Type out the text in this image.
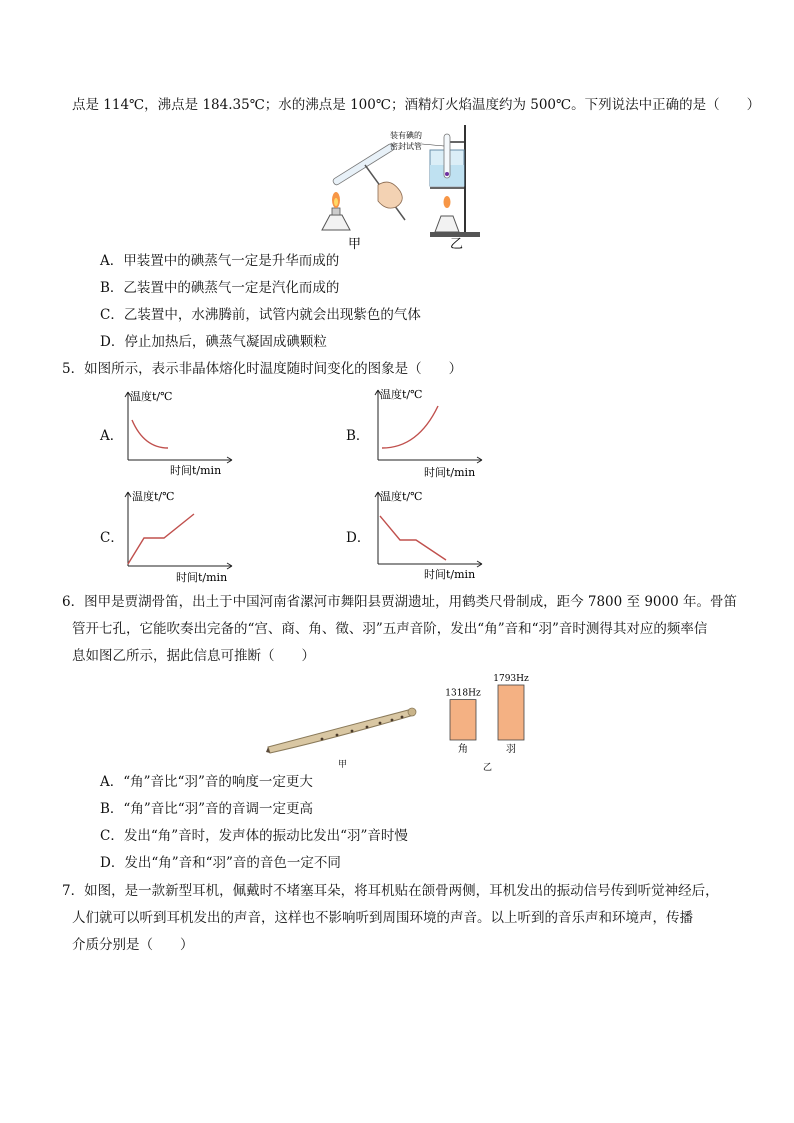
点是 114℃，沸点是 184.35℃；水的沸点是 100℃；酒精灯火焰温度约为 500℃。下列说法中正确的是（　　）
甲
装有碘的
密封试管
乙
A．甲装置中的碘蒸气一定是升华而成的
B．乙装置中的碘蒸气一定是汽化而成的
C．乙装置中，水沸腾前，试管内就会出现紫色的气体
D．停止加热后，碘蒸气凝固成碘颗粒
5．如图所示，表示非晶体熔化时温度随时间变化的图象是（　　）
A．
温度t/℃
时间t/min
B．
温度t/℃
时间t/min
C．
温度t/℃
时间t/min
D．
温度t/℃
时间t/min
6．图甲是贾湖骨笛，出土于中国河南省漯河市舞阳县贾湖遗址，用鹤类尺骨制成，距今 7800 至 9000 年。骨笛
管开七孔，它能吹奏出完备的“宫、商、角、徵、羽”五声音阶，发出“角”音和“羽”音时测得其对应的频率信
息如图乙所示，据此信息可推断（　　）
甲
1318Hz
角
1793Hz
羽
乙
A．“角”音比“羽”音的响度一定更大
B．“角”音比“羽”音的音调一定更高
C．发出“角”音时，发声体的振动比发出“羽”音时慢
D．发出“角”音和“羽”音的音色一定不同
7．如图，是一款新型耳机，佩戴时不堵塞耳朵，将耳机贴在颌骨两侧，耳机发出的振动信号传到听觉神经后，
人们就可以听到耳机发出的声音，这样也不影响听到周围环境的声音。以上听到的音乐声和环境声，传播
介质分别是（　　）
